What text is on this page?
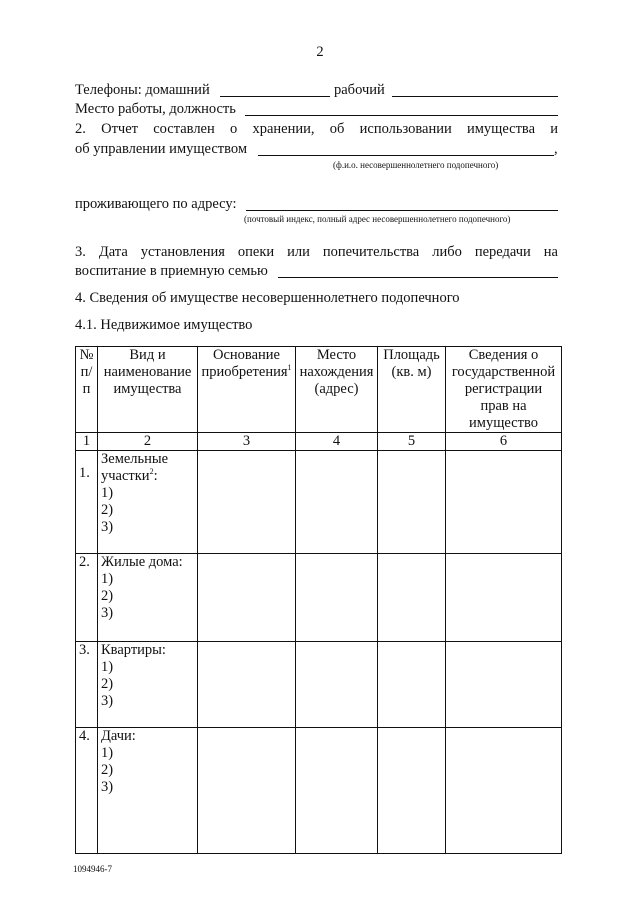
2
Телефоны: домашний	рабочий
Место работы, должность
2. Отчет составлен о хранении, об использовании имущества и
об управлении имуществом	,
(ф.и.о. несовершеннолетнего подопечного)
проживающего по адресу:
(почтовый индекс, полный адрес несовершеннолетнего подопечного)
3. Дата установления опеки или попечительства либо передачи на
воспитание в приемную семью
4. Сведения об имуществе несовершеннолетнего подопечного
4.1. Недвижимое имущество
№ п/п	Вид и наименование имущества	Основание приобретения$^1$	Место нахождения (адрес)	Площадь (кв. м)	Сведения о государственной регистрации прав на имущество
1	2	3	4	5	6
1.	Земельные участки$^2$:
1)
2)
3)				

2.	Жилые дома:
1)
2)
3)				

3.	Квартиры:
1)
2)
3)				

4.	Дачи:
1)
2)
3)				

1094946-7
